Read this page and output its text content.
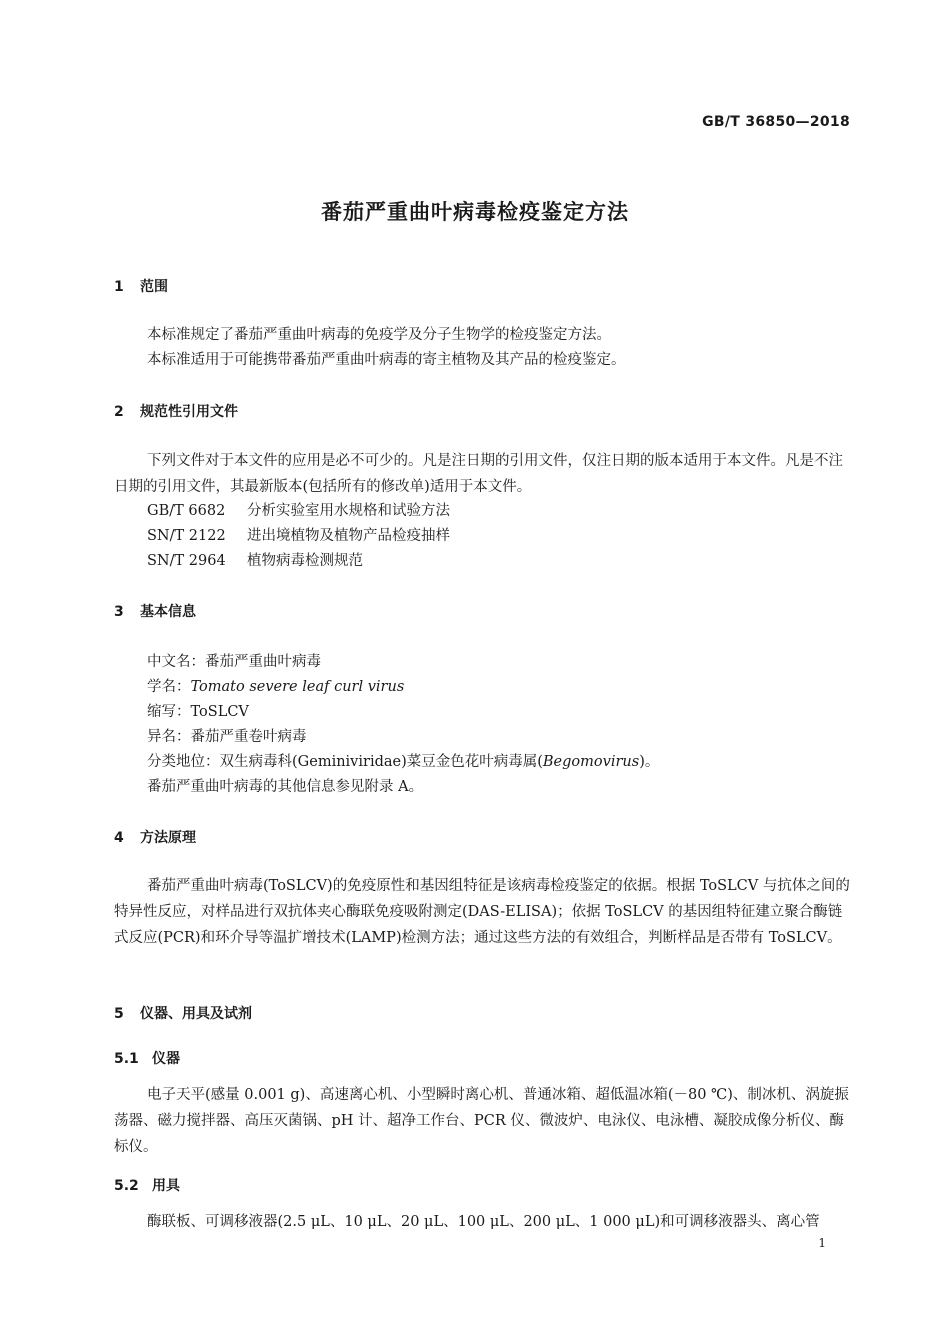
GB/T 36850—2018
番茄严重曲叶病毒检疫鉴定方法
1 范围
本标准规定了番茄严重曲叶病毒的免疫学及分子生物学的检疫鉴定方法。
本标准适用于可能携带番茄严重曲叶病毒的寄主植物及其产品的检疫鉴定。
2 规范性引用文件
下列文件对于本文件的应用是必不可少的。凡是注日期的引用文件，仅注日期的版本适用于本文件。凡是不注日期的引用文件，其最新版本(包括所有的修改单)适用于本文件。
GB/T 6682 分析实验室用水规格和试验方法
SN/T 2122 进出境植物及植物产品检疫抽样
SN/T 2964 植物病毒检测规范
3 基本信息
中文名：番茄严重曲叶病毒
学名：Tomato severe leaf curl virus
缩写：ToSLCV
异名：番茄严重卷叶病毒
分类地位：双生病毒科(Geminiviridae)菜豆金色花叶病毒属(Begomovirus)。
番茄严重曲叶病毒的其他信息参见附录 A。
4 方法原理
番茄严重曲叶病毒(ToSLCV)的免疫原性和基因组特征是该病毒检疫鉴定的依据。根据 ToSLCV 与抗体之间的特异性反应，对样品进行双抗体夹心酶联免疫吸附测定(DAS-ELISA)；依据 ToSLCV 的基因组特征建立聚合酶链式反应(PCR)和环介导等温扩增技术(LAMP)检测方法；通过这些方法的有效组合，判断样品是否带有 ToSLCV。
5 仪器、用具及试剂
5.1 仪器
电子天平(感量 0.001 g)、高速离心机、小型瞬时离心机、普通冰箱、超低温冰箱(－80 ℃)、制冰机、涡旋振荡器、磁力搅拌器、高压灭菌锅、pH 计、超净工作台、PCR 仪、微波炉、电泳仪、电泳槽、凝胶成像分析仪、酶标仪。
5.2 用具
酶联板、可调移液器(2.5 μL、10 μL、20 μL、100 μL、200 μL、1 000 μL)和可调移液器头、离心管
1
